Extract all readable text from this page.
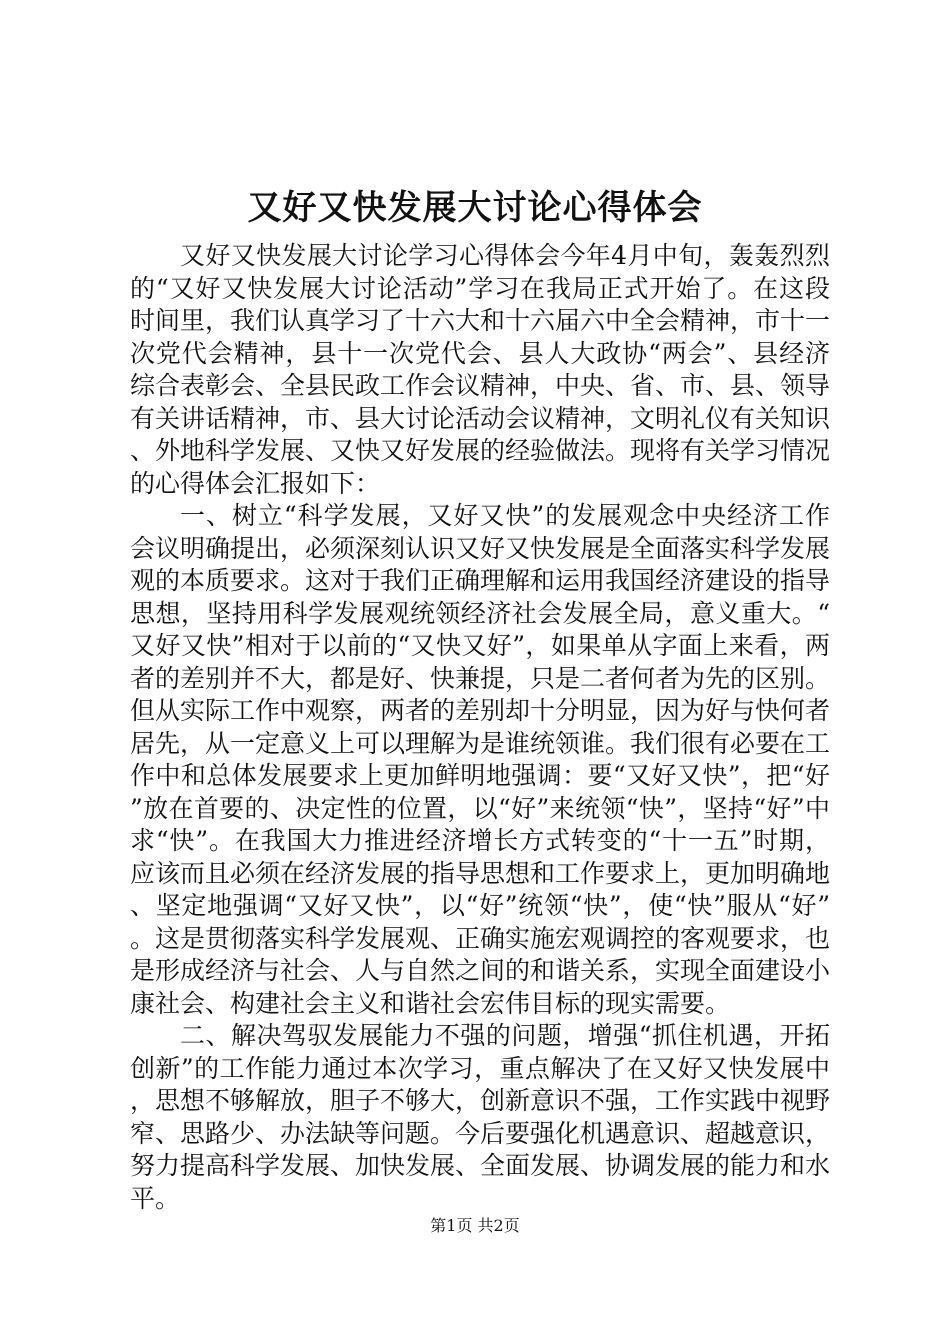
又好又快发展大讨论心得体会

又好又快发展大讨论学习心得体会今年4月中旬，轰轰烈烈的“又好又快发展大讨论活动”学习在我局正式开始了。在这段时间里，我们认真学习了十六大和十六届六中全会精神，市十一次党代会精神，县十一次党代会、县人大政协“两会”、县经济综合表彰会、全县民政工作会议精神，中央、省、市、县、领导有关讲话精神，市、县大讨论活动会议精神，文明礼仪有关知识、外地科学发展、又快又好发展的经验做法。现将有关学习情况的心得体会汇报如下：

一、树立“科学发展，又好又快”的发展观念中央经济工作会议明确提出，必须深刻认识又好又快发展是全面落实科学发展观的本质要求。这对于我们正确理解和运用我国经济建设的指导思想，坚持用科学发展观统领经济社会发展全局，意义重大。“又好又快”相对于以前的“又快又好”，如果单从字面上来看，两者的差别并不大，都是好、快兼提，只是二者何者为先的区别。但从实际工作中观察，两者的差别却十分明显，因为好与快何者居先，从一定意义上可以理解为是谁统领谁。我们很有必要在工作中和总体发展要求上更加鲜明地强调：要“又好又快”，把“好”放在首要的、决定性的位置，以“好”来统领“快”，坚持“好”中求“快”。在我国大力推进经济增长方式转变的“十一五”时期，应该而且必须在经济发展的指导思想和工作要求上，更加明确地、坚定地强调“又好又快”，以“好”统领“快”，使“快”服从“好”。这是贯彻落实科学发展观、正确实施宏观调控的客观要求，也是形成经济与社会、人与自然之间的和谐关系，实现全面建设小康社会、构建社会主义和谐社会宏伟目标的现实需要。

二、解决驾驭发展能力不强的问题，增强“抓住机遇，开拓创新”的工作能力通过本次学习，重点解决了在又好又快发展中，思想不够解放，胆子不够大，创新意识不强，工作实践中视野窄、思路少、办法缺等问题。今后要强化机遇意识、超越意识，努力提高科学发展、加快发展、全面发展、协调发展的能力和水平。

第1页 共2页
